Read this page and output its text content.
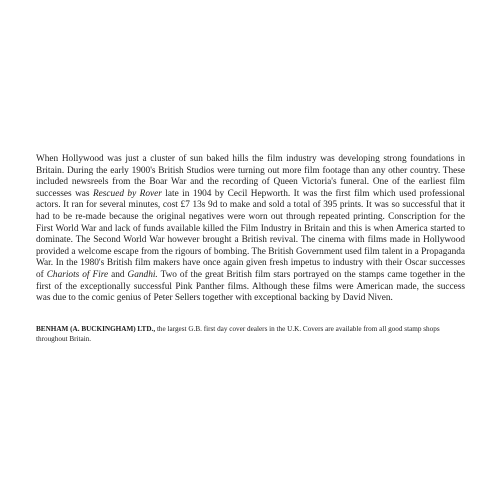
When Hollywood was just a cluster of sun baked hills the film industry was developing strong foundations in Britain. During the early 1900's British Studios were turning out more film footage than any other country. These included newsreels from the Boar War and the recording of Queen Victoria's funeral. One of the earliest film successes was Rescued by Rover late in 1904 by Cecil Hepworth. It was the first film which used professional actors. It ran for several minutes, cost £7 13s 9d to make and sold a total of 395 prints. It was so successful that it had to be re-made because the original negatives were worn out through repeated printing. Conscription for the First World War and lack of funds available killed the Film Industry in Britain and this is when America started to dominate. The Second World War however brought a British revival. The cinema with films made in Hollywood provided a welcome escape from the rigours of bombing. The British Government used film talent in a Propaganda War. In the 1980's British film makers have once again given fresh impetus to industry with their Oscar successes of Chariots of Fire and Gandhi. Two of the great British film stars portrayed on the stamps came together in the first of the exceptionally successful Pink Panther films. Although these films were American made, the success was due to the comic genius of Peter Sellers together with exceptional backing by David Niven.

BENHAM (A. BUCKINGHAM) LTD., the largest G.B. first day cover dealers in the U.K. Covers are available from all good stamp shops throughout Britain.
